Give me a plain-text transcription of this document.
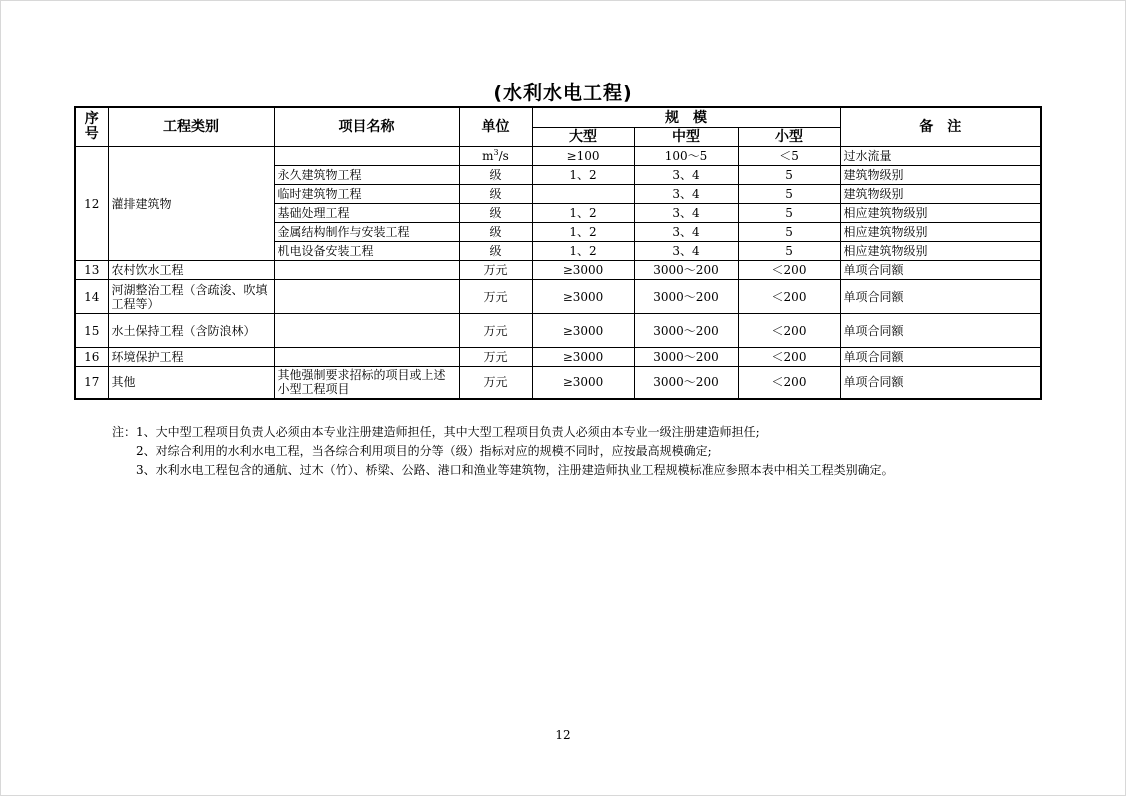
(水利水电工程)
序号	工程类别	项目名称	单位	规　模			备　注
				大型	中型	小型	
12	灌排建筑物		$m^3/s$	≥100	100～5	＜5	过水流量
		永久建筑物工程	级	1、2	3、4	5	建筑物级别
		临时建筑物工程	级		3、4	5	建筑物级别
		基础处理工程	级	1、2	3、4	5	相应建筑物级别
		金属结构制作与安装工程	级	1、2	3、4	5	相应建筑物级别
		机电设备安装工程	级	1、2	3、4	5	相应建筑物级别
13	农村饮水工程		万元	≥3000	3000～200	＜200	单项合同额
14	河湖整治工程（含疏浚、吹填工程等）		万元	≥3000	3000～200	＜200	单项合同额
15	水土保持工程（含防浪林）		万元	≥3000	3000～200	＜200	单项合同额
16	环境保护工程		万元	≥3000	3000～200	＜200	单项合同额
17	其他	其他强制要求招标的项目或上述小型工程项目	万元	≥3000	3000～200	＜200	单项合同额
注：1、大中型工程项目负责人必须由本专业注册建造师担任，其中大型工程项目负责人必须由本专业一级注册建造师担任;
2、对综合利用的水利水电工程，当各综合利用项目的分等（级）指标对应的规模不同时，应按最高规模确定;
3、水利水电工程包含的通航、过木（竹）、桥梁、公路、港口和渔业等建筑物，注册建造师执业工程规模标准应参照本表中相关工程类别确定。
12
